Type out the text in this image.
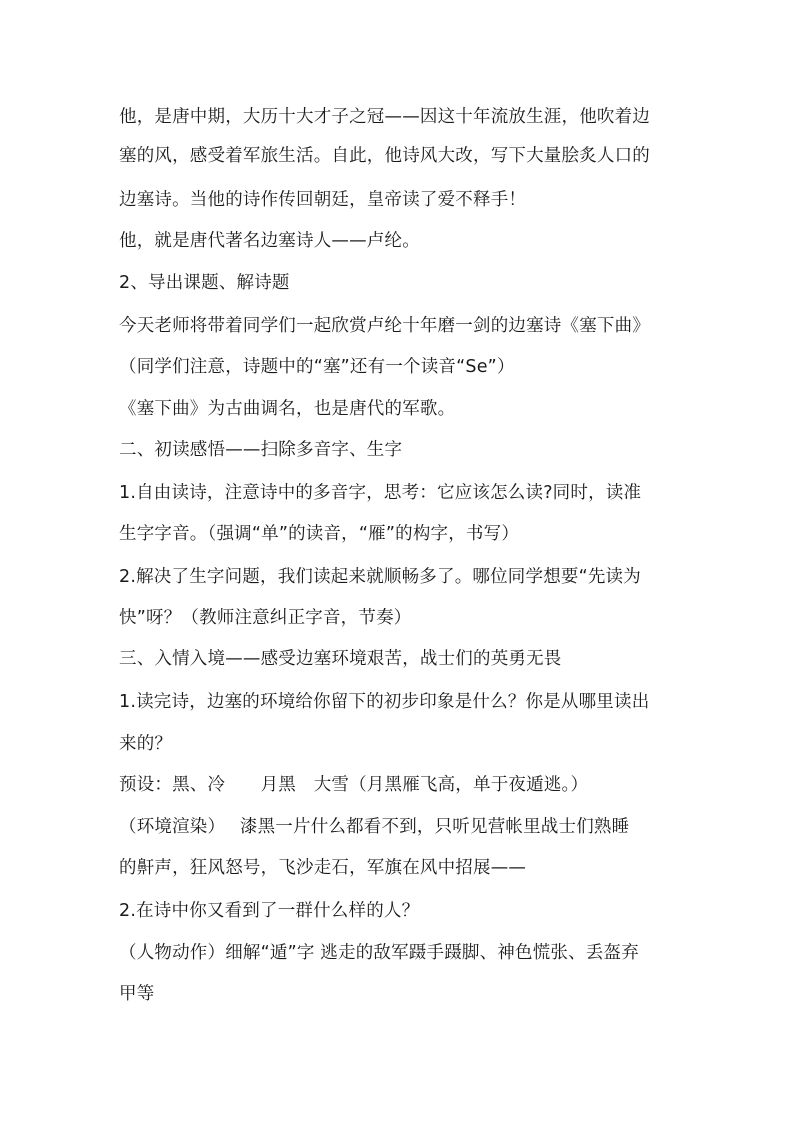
他，是唐中期，大历十大才子之冠——因这十年流放生涯，他吹着边
塞的风，感受着军旅生活。自此，他诗风大改，写下大量脍炙人口的
边塞诗。当他的诗作传回朝廷，皇帝读了爱不释手！
他，就是唐代著名边塞诗人——卢纶。
2、导出课题、解诗题
今天老师将带着同学们一起欣赏卢纶十年磨一剑的边塞诗《塞下曲》
（同学们注意，诗题中的“塞”还有一个读音“Se”）
《塞下曲》为古曲调名，也是唐代的军歌。
二、初读感悟——扫除多音字、生字
1.自由读诗，注意诗中的多音字，思考：它应该怎么读?同时，读准
生字字音。（强调“单”的读音，“雁”的构字，书写）
2.解决了生字问题，我们读起来就顺畅多了。哪位同学想要“先读为
快”呀？（教师注意纠正字音，节奏）
三、入情入境——感受边塞环境艰苦，战士们的英勇无畏
1.读完诗，边塞的环境给你留下的初步印象是什么？你是从哪里读出
来的？
预设：黑、冷　　月黑　大雪（月黑雁飞高，单于夜遁逃。）
（环境渲染）　 漆黑一片什么都看不到，只听见营帐里战士们熟睡
的鼾声，狂风怒号，飞沙走石，军旗在风中招展——
2.在诗中你又看到了一群什么样的人？
（人物动作）细解“遁”字 逃走的敌军蹑手蹑脚、神色慌张、丢盔弃
甲等
